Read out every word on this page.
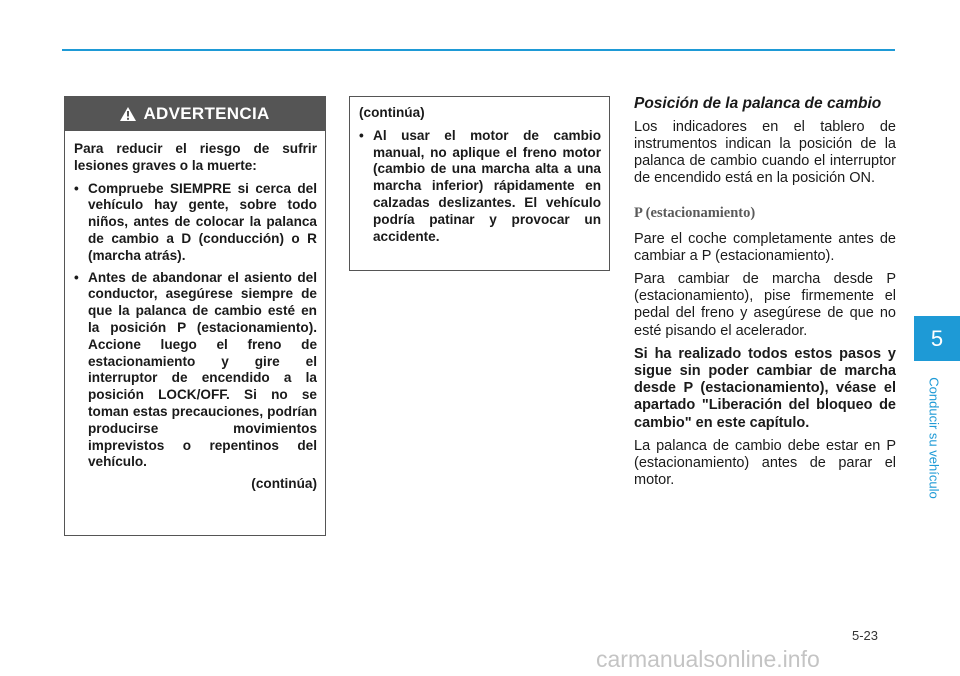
ADVERTENCIA

Para reducir el riesgo de sufrir lesiones graves o la muerte:

• Compruebe SIEMPRE si cerca del vehículo hay gente, sobre todo niños, antes de colocar la palanca de cambio a D (conducción) o R (marcha atrás).
• Antes de abandonar el asiento del conductor, asegúrese siempre de que la palanca de cambio esté en la posición P (estacionamiento). Accione luego el freno de estacionamiento y gire el interruptor de encendido a la posición LOCK/OFF. Si no se toman estas precauciones, podrían producirse movimientos imprevistos o repentinos del vehículo.
(continúa)

(continúa)

• Al usar el motor de cambio manual, no aplique el freno motor (cambio de una marcha alta a una marcha inferior) rápidamente en calzadas deslizantes. El vehículo podría patinar y provocar un accidente.
Posición de la palanca de cambio

Los indicadores en el tablero de instrumentos indican la posición de la palanca de cambio cuando el interruptor de encendido está en la posición ON.

P (estacionamiento)

Pare el coche completamente antes de cambiar a P (estacionamiento).

Para cambiar de marcha desde P (estacionamiento), pise firmemente el pedal del freno y asegúrese de que no esté pisando el acelerador.

Si ha realizado todos estos pasos y sigue sin poder cambiar de marcha desde P (estacionamiento), véase el apartado "Liberación del bloqueo de cambio" en este capítulo.

La palanca de cambio debe estar en P (estacionamiento) antes de parar el motor.

5
Conducir su vehículo
5-23
carmanualsonline.info
